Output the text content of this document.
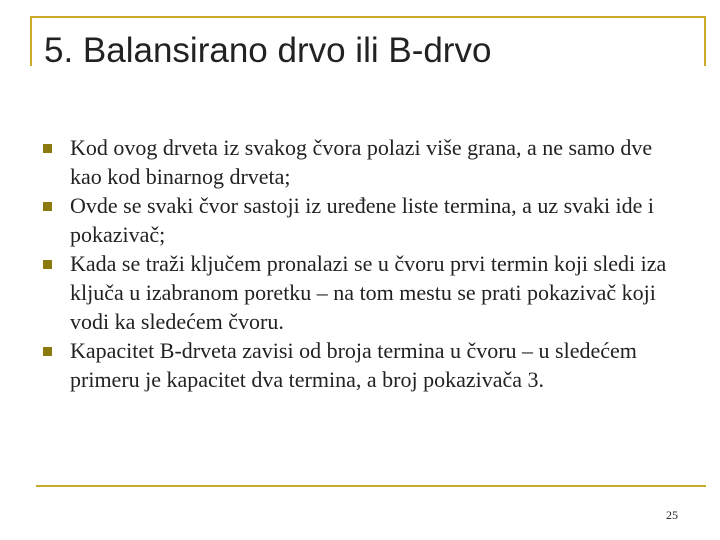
5. Balansirano drvo ili B-drvo
Kod ovog drveta iz svakog čvora polazi više grana, a ne samo dve kao kod binarnog drveta;
Ovde se svaki čvor sastoji iz uređene liste termina, a uz svaki ide i pokazivač;
Kada se traži ključem pronalazi se u čvoru prvi termin koji sledi iza ključa u izabranom poretku – na tom mestu se prati pokazivač koji vodi ka sledećem čvoru.
Kapacitet B-drveta zavisi od broja termina u čvoru – u sledećem primeru je kapacitet dva termina, a broj pokazivača 3.
25
